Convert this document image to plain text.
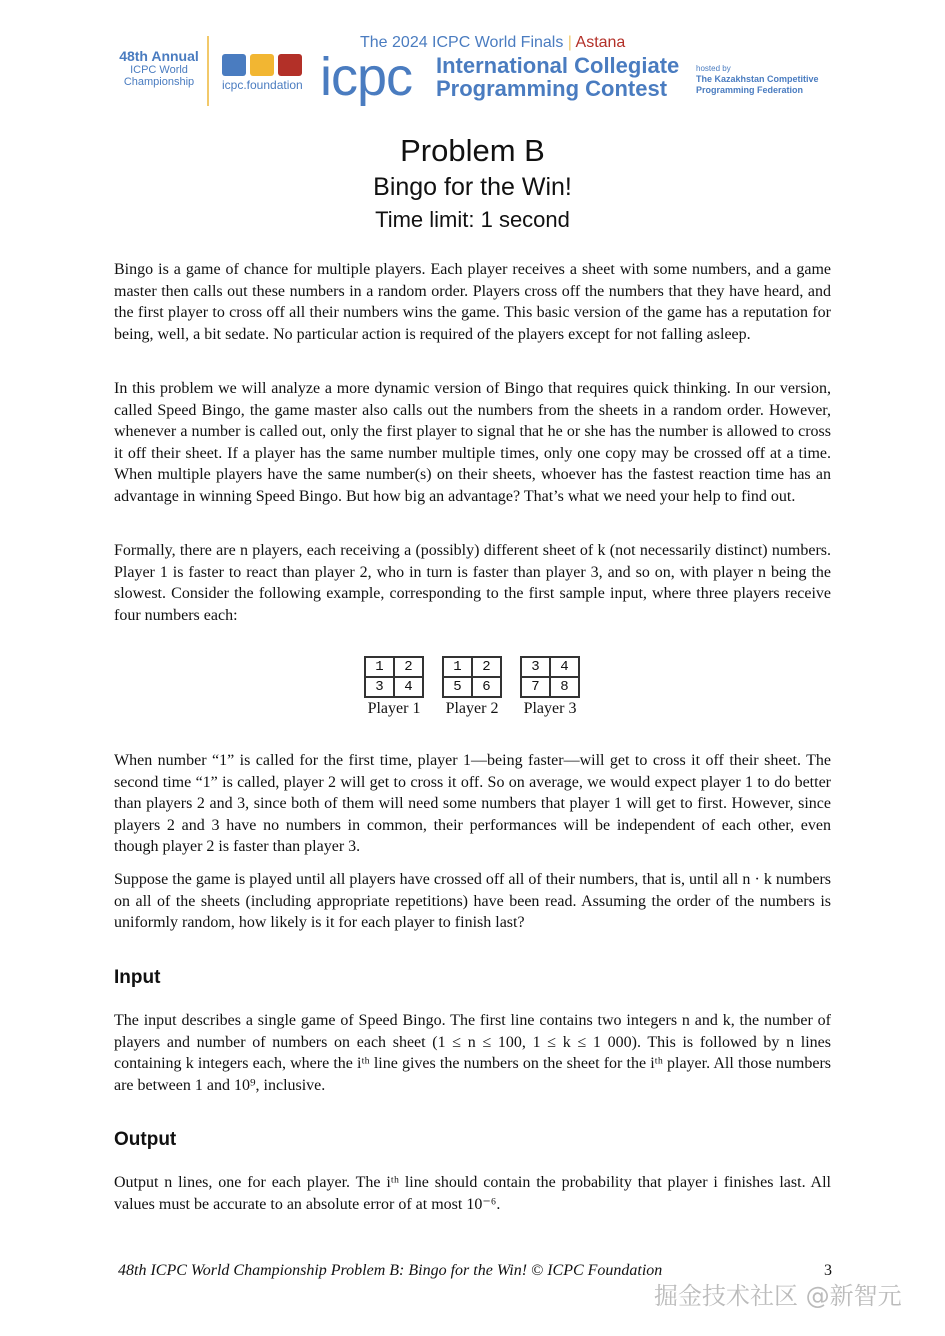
48th Annual
ICPC World
Championship	icpc.foundation icpc
The 2024 ICPC World Finals | Astana
International Collegiate
Programming Contest
hosted by
The Kazakhstan Competitive
Programming Federation
Problem B
Bingo for the Win!
Time limit: 1 second
Bingo is a game of chance for multiple players. Each player receives a sheet with some numbers, and a game master then calls out these numbers in a random order. Players cross off the numbers that they have heard, and the first player to cross off all their numbers wins the game. This basic version of the game has a reputation for being, well, a bit sedate. No particular action is required of the players except for not falling asleep.
In this problem we will analyze a more dynamic version of Bingo that requires quick thinking. In our version, called Speed Bingo, the game master also calls out the numbers from the sheets in a random order. However, whenever a number is called out, only the first player to signal that he or she has the number is allowed to cross it off their sheet. If a player has the same number multiple times, only one copy may be crossed off at a time. When multiple players have the same number(s) on their sheets, whoever has the fastest reaction time has an advantage in winning Speed Bingo. But how big an advantage? That’s what we need your help to find out.
Formally, there are n players, each receiving a (possibly) different sheet of k (not necessarily distinct) numbers. Player 1 is faster to react than player 2, who in turn is faster than player 3, and so on, with player n being the slowest. Consider the following example, corresponding to the first sample input, where three players receive four numbers each:
1	2
3	4
Player 1
1	2
5	6
Player 2
3	4
7	8
Player 3
When number “1” is called for the first time, player 1—being faster—will get to cross it off their sheet. The second time “1” is called, player 2 will get to cross it off. So on average, we would expect player 1 to do better than players 2 and 3, since both of them will need some numbers that player 1 will get to first. However, since players 2 and 3 have no numbers in common, their performances will be independent of each other, even though player 2 is faster than player 3.
Suppose the game is played until all players have crossed off all of their numbers, that is, until all n · k numbers on all of the sheets (including appropriate repetitions) have been read. Assuming the order of the numbers is uniformly random, how likely is it for each player to finish last?
Input
The input describes a single game of Speed Bingo. The first line contains two integers n and k, the number of players and number of numbers on each sheet (1 ≤ n ≤ 100, 1 ≤ k ≤ 1 000). This is followed by n lines containing k integers each, where the iᵗʰ line gives the numbers on the sheet for the iᵗʰ player. All those numbers are between 1 and 10⁹, inclusive.
Output
Output n lines, one for each player. The iᵗʰ line should contain the probability that player i finishes last. All values must be accurate to an absolute error of at most 10⁻⁶.
48th ICPC World Championship Problem B: Bingo for the Win! © ICPC Foundation	3
掘金技术社区 @新智元
